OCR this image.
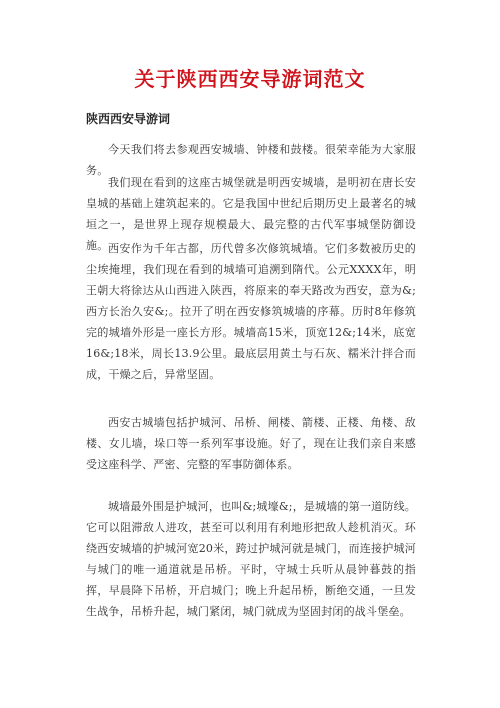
关于陕西西安导游词范文
陕西西安导游词

今天我们将去参观西安城墙、钟楼和鼓楼。很荣幸能为大家服务。

我们现在看到的这座古城堡就是明西安城墙，是明初在唐长安皇城的基础上建筑起来的。它是我国中世纪后期历史上最著名的城垣之一，是世界上现存规模最大、最完整的古代军事城堡防御设施。 西安作为千年古都，历代曾多次修筑城墙。它们多数被历史的尘埃掩埋，我们现在看到的城墙可追溯到隋代。公元XXXX年，明王朝大将徐达从山西进入陕西，将原来的奉天路改为西安，意为&;西方长治久安&;。拉开了明在西安修筑城墙的序幕。历时8年修筑完的城墙外形是一座长方形。城墙高15米，顶宽12&;14米，底宽16&;18米，周长13.9公里。最底层用黄土与石灰、糯米汁拌合而成，干燥之后，异常坚固。

西安古城墙包括护城河、吊桥、闸楼、箭楼、正楼、角楼、敌楼、女儿墙，垛口等一系列军事设施。好了，现在让我们亲自来感受这座科学、严密、完整的军事防御体系。

城墙最外围是护城河，也叫&;城壕&;，是城墙的第一道防线。它可以阻滞敌人进攻，甚至可以利用有利地形把敌人趁机消灭。环绕西安城墙的护城河宽20米，跨过护城河就是城门，而连接护城河与城门的唯一通道就是吊桥。平时，守城士兵听从晨钟暮鼓的指挥，早晨降下吊桥，开启城门；晚上升起吊桥，断绝交通，一旦发生战争，吊桥升起，城门紧闭，城门就成为坚固封闭的战斗堡垒。
